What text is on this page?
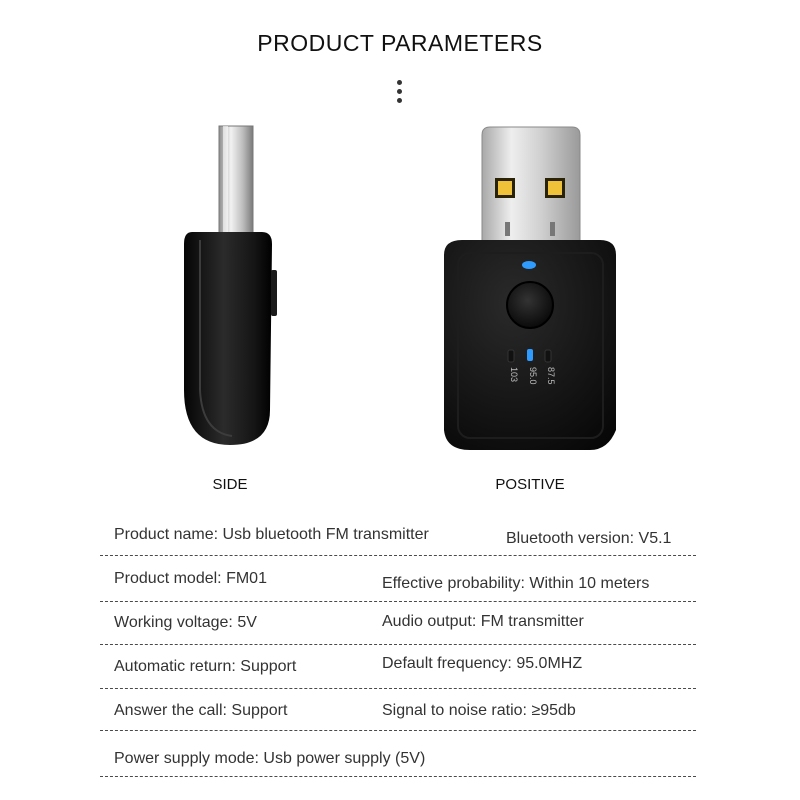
PRODUCT PARAMETERS
SIDE
103 95.0 87.5
POSITIVE
Product name: Usb bluetooth FM transmitter	Bluetooth version: V5.1
Product model: FM01	Effective probability: Within 10 meters
Working voltage: 5V	Audio output: FM transmitter
Automatic return: Support	Default frequency: 95.0MHZ
Answer the call: Support	Signal to noise ratio: ≥95db
Power supply mode: Usb power supply (5V)
